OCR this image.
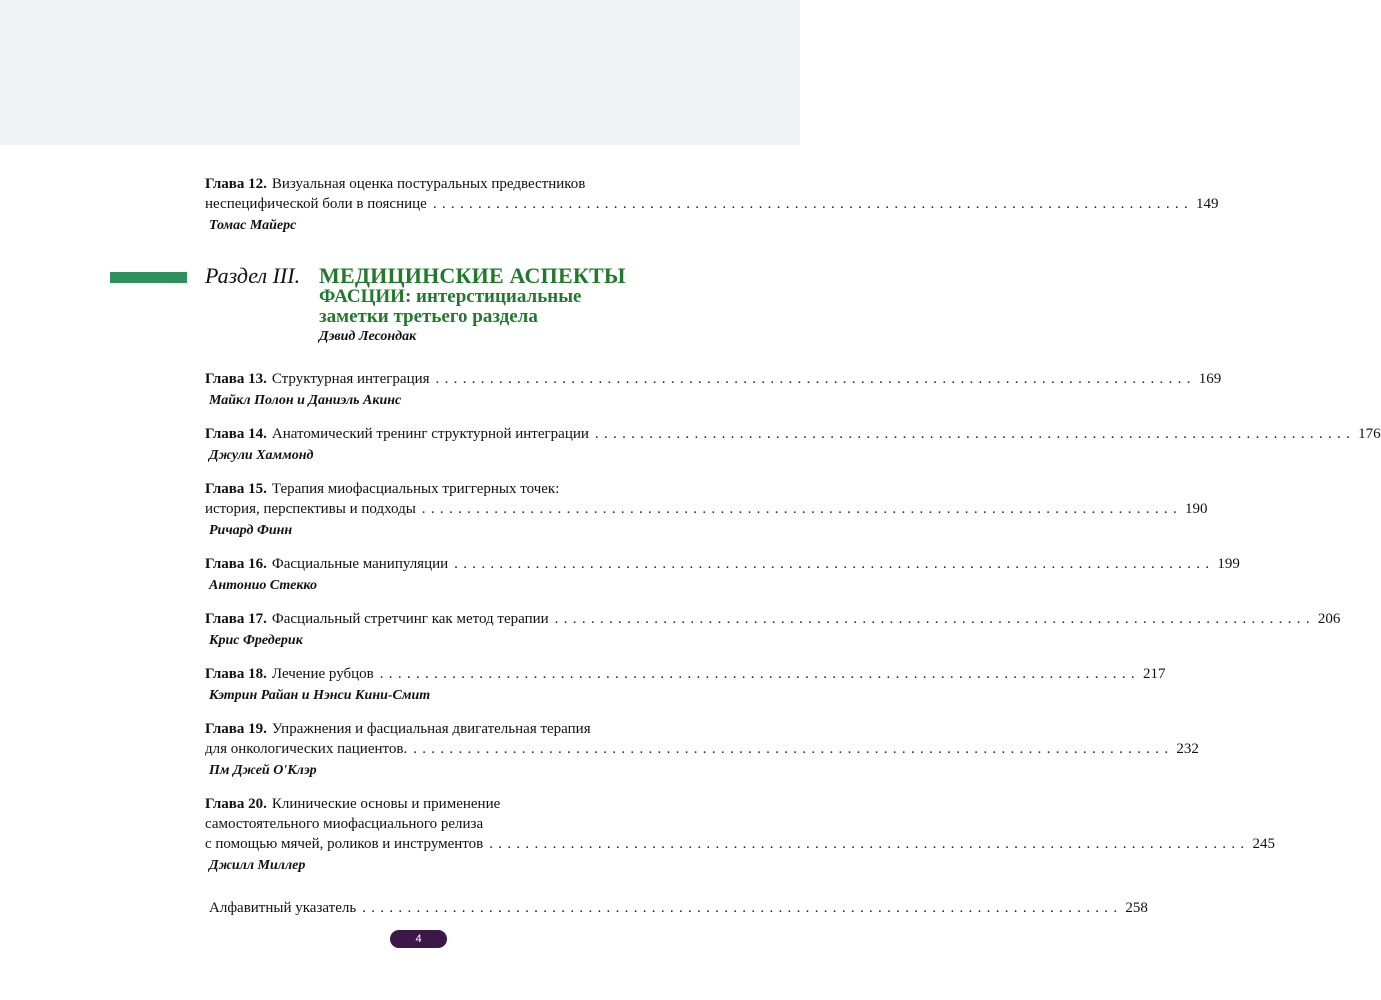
Глава 12. Визуальная оценка постуральных предвестников
неспецифической боли в пояснице .................................................................................... 149
Томас Майерс
Раздел III. МЕДИЦИНСКИЕ АСПЕКТЫ
ФАСЦИИ: интерстициальные
заметки третьего раздела
Дэвид Лесондак
Глава 13. Структурная интеграция .................................................................................... 169
Майкл Полон и Даниэль Акинс
Глава 14. Анатомический тренинг структурной интеграции .................................................................................... 176
Джули Хаммонд
Глава 15. Терапия миофасциальных триггерных точек:
история, перспективы и подходы .................................................................................... 190
Ричард Финн
Глава 16. Фасциальные манипуляции .................................................................................... 199
Антонио Стекко
Глава 17. Фасциальный стретчинг как метод терапии .................................................................................... 206
Крис Фредерик
Глава 18. Лечение рубцов .................................................................................... 217
Кэтрин Райан и Нэнси Кини-Смит
Глава 19. Упражнения и фасциальная двигательная терапия
для онкологических пациентов. .................................................................................... 232
Пм Джей О'Клэр
Глава 20. Клинические основы и применение
самостоятельного миофасциального релиза
с помощью мячей, роликов и инструментов .................................................................................... 245
Джилл Миллер
Алфавитный указатель .................................................................................... 258
4
